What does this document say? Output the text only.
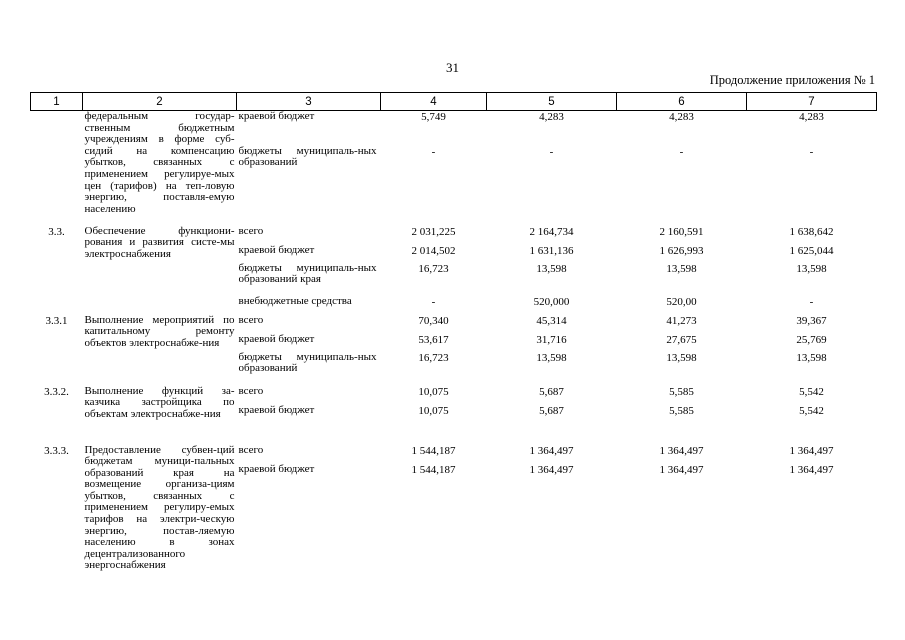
31
Продолжение приложения № 1
1	2	3	4	5	6	7
	федеральным государ-ственным бюджетным учреждениям в форме суб-сидий на компенсацию убытков, связанных с применением регулируе-мых цен (тарифов) на теп-ловую энергию, поставля-емую населению	краевой бюджет	5,749	4,283	4,283	4,283
		бюджеты муниципаль-ных образований	-	-	-	-
3.3.	Обеспечение функциони-рования и развития систе-мы электроснабжения	всего	2 031,225	2 164,734	2 160,591	1 638,642
		краевой бюджет	2 014,502	1 631,136	1 626,993	1 625,044
		бюджеты муниципаль-ных образований края	16,723	13,598	13,598	13,598
		внебюджетные средства	-	520,000	520,00	-
3.3.1	Выполнение мероприятий по капитальному ремонту объектов электроснабже-ния	всего	70,340	45,314	41,273	39,367
		краевой бюджет	53,617	31,716	27,675	25,769
		бюджеты муниципаль-ных образований	16,723	13,598	13,598	13,598
3.3.2.	Выполнение функций за-казчика застройщика по объектам электроснабже-ния	всего	10,075	5,687	5,585	5,542
		краевой бюджет	10,075	5,687	5,585	5,542
3.3.3.	Предоставление субвен-ций бюджетам муници-пальных образований края на возмещение организа-циям убытков, связанных с применением регулиру-емых тарифов на электри-ческую энергию, постав-ляемую населению в зонах децентрализованного энергоснабжения	всего	1 544,187	1 364,497	1 364,497	1 364,497
		краевой бюджет	1 544,187	1 364,497	1 364,497	1 364,497
